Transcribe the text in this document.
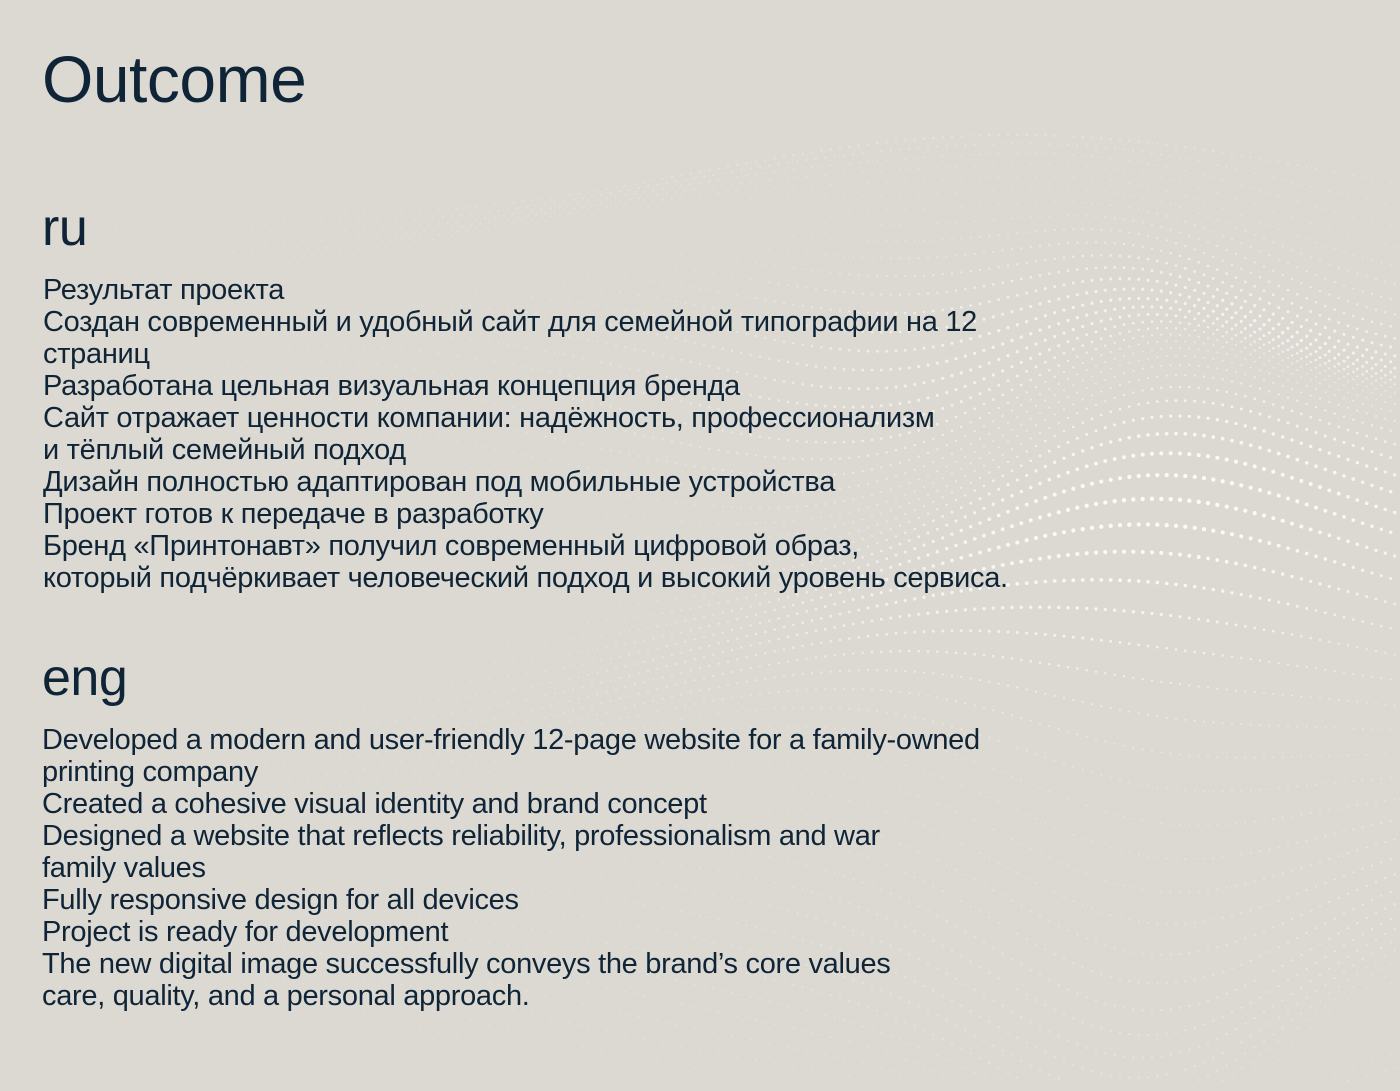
Outcome
ru
Результат проекта
Создан современный и удобный сайт для семейной типографии на 12
страниц
Разработана цельная визуальная концепция бренда
Сайт отражает ценности компании: надёжность, профессионализм
и тёплый семейный подход
Дизайн полностью адаптирован под мобильные устройства
Проект готов к передаче в разработку
Бренд «Принтонавт» получил современный цифровой образ,
который подчёркивает человеческий подход и высокий уровень сервиса.
eng
Developed a modern and user-friendly 12-page website for a family-owned
printing company
Created a cohesive visual identity and brand concept
Designed a website that reflects reliability, professionalism and war
family values
Fully responsive design for all devices
Project is ready for development
The new digital image successfully conveys the brand’s core values
care, quality, and a personal approach.
